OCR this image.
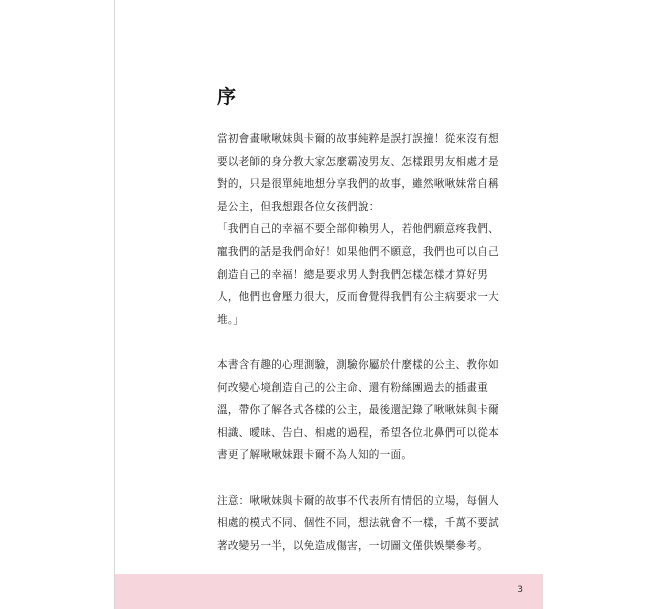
序
當初會畫啾啾妹與卡爾的故事純粹是誤打誤撞！從來沒有想
要以老師的身分教大家怎麼霸凌男友、怎樣跟男友相處才是
對的，只是很單純地想分享我們的故事，雖然啾啾妹常自稱
是公主，但我想跟各位女孩們說：
「我們自己的幸福不要全部仰賴男人，若他們願意疼我們、
寵我們的話是我們命好！如果他們不願意，我們也可以自己
創造自己的幸福！總是要求男人對我們怎樣怎樣才算好男
人，他們也會壓力很大，反而會覺得我們有公主病要求一大
堆。」
本書含有趣的心理測驗，測驗你屬於什麼樣的公主、教你如
何改變心境創造自己的公主命、還有粉絲團過去的插畫重
溫，帶你了解各式各樣的公主，最後還記錄了啾啾妹與卡爾
相識、曖昧、告白、相處的過程，希望各位北鼻們可以從本
書更了解啾啾妹跟卡爾不為人知的一面。
注意：啾啾妹與卡爾的故事不代表所有情侶的立場，每個人
相處的模式不同、個性不同，想法就會不一樣，千萬不要試
著改變另一半，以免造成傷害，一切圖文僅供娛樂參考。
3
